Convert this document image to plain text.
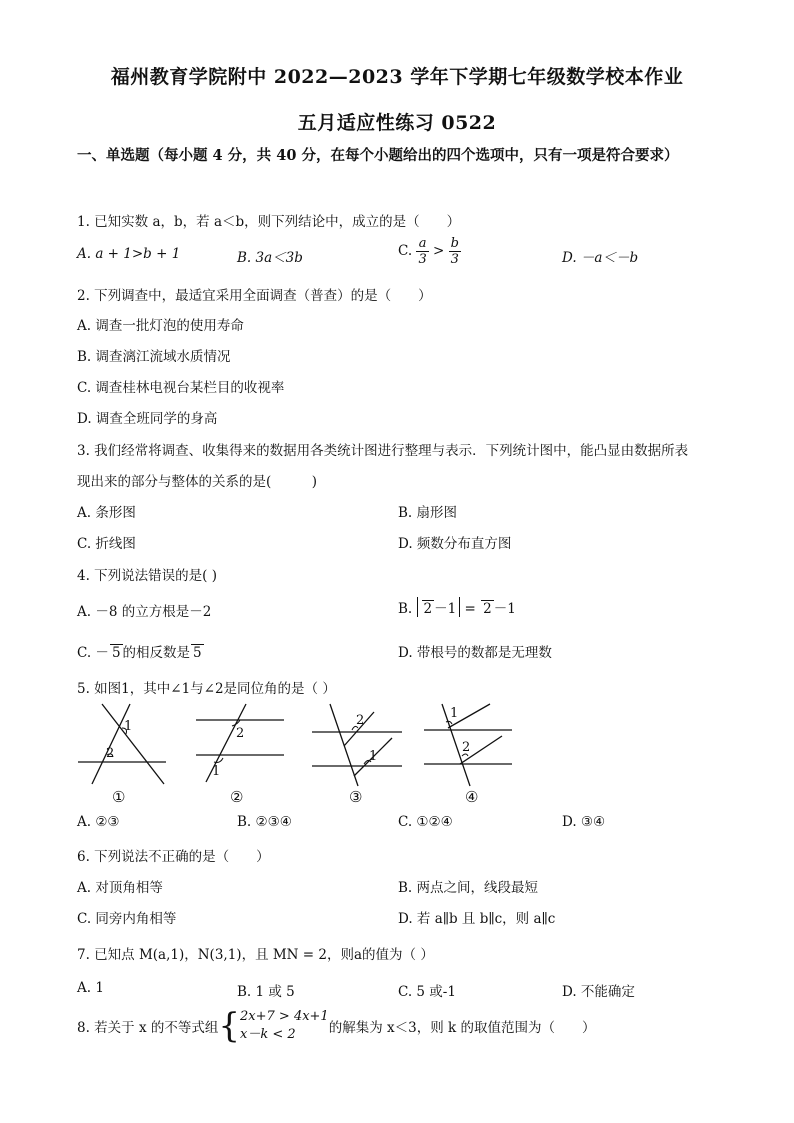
福州教育学院附中 2022—2023 学年下学期七年级数学校本作业
五月适应性练习 0522
一、单选题（每小题 4 分，共 40 分，在每个小题给出的四个选项中，只有一项是符合要求）
1. 已知实数 a，b，若 a＜b，则下列结论中，成立的是（　　）
A. a + 1>b + 1	B. 3a＜3b	C. $\frac{a}{3} > \frac{b}{3}$	D. －a＜－b
2. 下列调查中，最适宜采用全面调查（普查）的是（　　）
A. 调查一批灯泡的使用寿命
B. 调查漓江流域水质情况
C. 调查桂林电视台某栏目的收视率
D. 调查全班同学的身高
3. 我们经常将调查、收集得来的数据用各类统计图进行整理与表示．下列统计图中，能凸显由数据所表
现出来的部分与整体的关系的是(　　　)
A. 条形图	B. 扇形图
C. 折线图	D. 频数分布直方图
4. 下列说法错误的是( )
A. －8 的立方根是－2	B. 2 －1 = 2 －1
C. － 5 的相反数是 5	D. 带根号的数都是无理数
5. 如图1，其中∠1与∠2是同位角的是（ ）
1
2
2
1
2
1
1
2
①	②	③	④
A. ②③	B. ②③④	C. ①②④	D. ③④
6. 下列说法不正确的是（　　）
A. 对顶角相等	B. 两点之间，线段最短
C. 同旁内角相等	D. 若 a∥b 且 b∥c，则 a∥c
7. 已知点 M(a,1)，N(3,1)，且 MN = 2，则a的值为（ ）
A. 1	B. 1 或 5	C. 5 或-1	D. 不能确定
8. 若关于 x 的不等式组{ 2x+7 > 4x+1
x－k < 2	的解集为 x＜3，则 k 的取值范围为（　　）
